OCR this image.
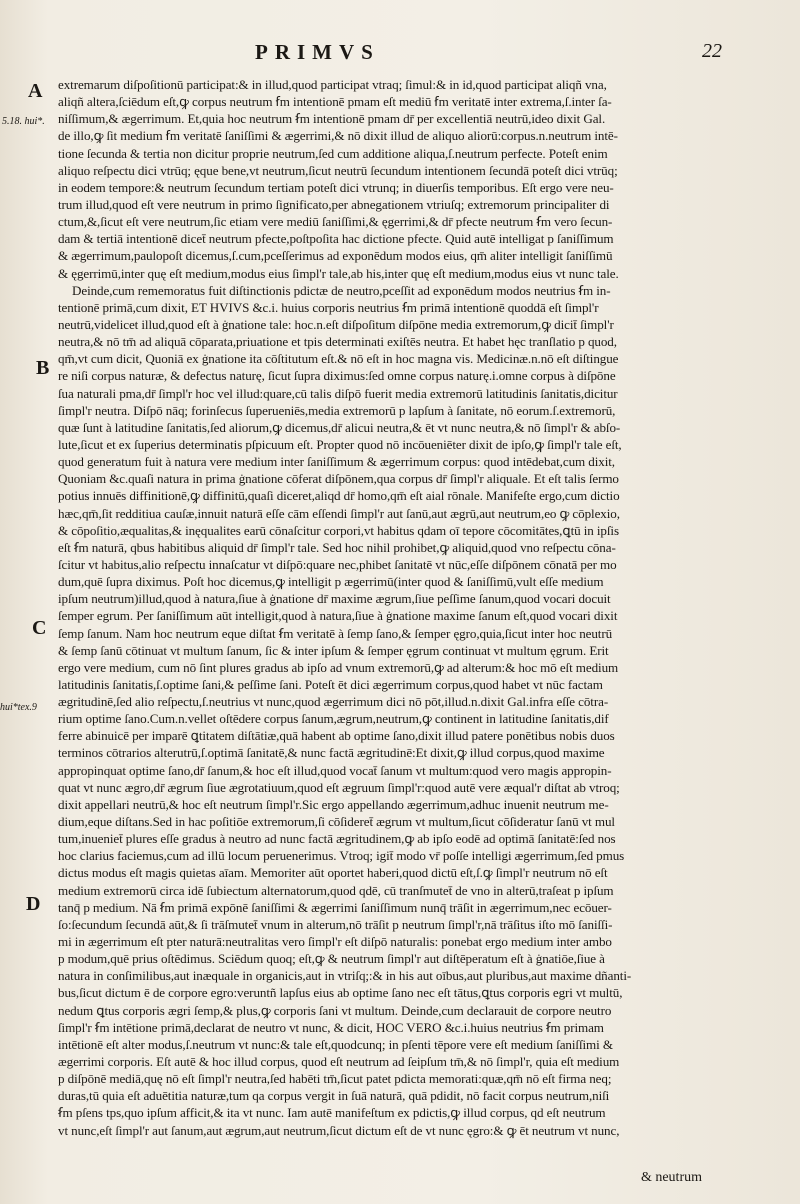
PRIMVS	22
A
5.18. hui*.
B
C
hui*tex.9
D
extremarum diſpoſitionū participat:& in illud,quod participat vtraq; ſimul:& in id,quod participat aliqñ vna,
aliqñ altera,ſciēdum eſt,ꝙ corpus neutrum ẜm intentionē pmam eſt mediū ẜm veritatē inter extrema,ſ.inter ſa-
niſſimum,& ægerrimum. Et,quia hoc neutrum ẜm intentionē pmam dr̄ per excellentiā neutrū,ideo dixit Gal.
de illo,ꝙ ſit medium ẜm veritatē ſaniſſimi & ægerrimi,& nō dixit illud de aliquo aliorū:corpus.n.neutrum intē-
tione ſecunda & tertia non dicitur proprie neutrum,ſed cum additione aliqua,ſ.neutrum perfecte. Poteſt enim
aliquo reſpectu dici vtrūq; ęque bene,vt neutrum,ſicut neutrū ſecundum intentionem ſecundā poteſt dici vtrūq;
in eodem tempore:& neutrum ſecundum tertiam poteſt dici vtrunq; in diuerſis temporibus. Eſt ergo vere neu-
trum illud,quod eſt vere neutrum in primo ſignificato,per abnegationem vtriuſq; extremorum principaliter di
ctum,&,ſicut eſt vere neutrum,ſic etiam vere mediū ſaniſſimi,& ęgerrimi,& dr̄ pfecte neutrum ẜm vero ſecun-
dam & tertiā intentionē dicet̄ neutrum pfecte,poſtpoſita hac dictione pfecte. Quid autē intelligat p ſaniſſimum
& ægerrimum,paulopoſt dicemus,ſ.cum,pceſſerimus ad exponēdum modos eius, qm̄ aliter intelligit ſaniſſimū
& ęgerrimū,inter quę eſt medium,modus eius ſimpl'r tale,ab his,inter quę eſt medium,modus eius vt nunc tale.
Deinde,cum rememoratus fuit diſtinctionis pdictæ de neutro,pceſſit ad exponēdum modos neutrius ẜm in-
tentionē primā,cum dixit, ET HVIVS &c.i. huius corporis neutrius ẜm primā intentionē quoddā eſt ſimpl'r
neutrū,videlicet illud,quod eſt à ġnatione tale: hoc.n.eſt diſpoſitum diſpōne media extremorum,ꝙ dicit̄ ſimpl'r
neutra,& nō tm̄ ad aliquā cōparata,priuatione et tpis determinati exiſtēs neutra. Et habet hęc tranſlatio p quod,
qm̄,vt cum dicit, Quoniā ex ġnatione ita cōſtitutum eſt.& nō eſt in hoc magna vis. Medicinæ.n.nō eſt diſtingue
re niſi corpus naturæ, & defectus naturę, ſicut ſupra diximus:ſed omne corpus naturę.i.omne corpus à diſpōne
ſua naturali pma,dr̄ ſimpl'r hoc vel illud:quare,cū talis diſpō fuerit media extremorū latitudinis ſanitatis,dicitur
ſimpl'r neutra. Diſpō nāq; forinſecus ſuperueniēs,media extremorū p lapſum à ſanitate, nō eorum.ſ.extremorū,
quæ ſunt à latitudine ſanitatis,ſed aliorum,ꝙ dicemus,dr̄ alicui neutra,& ēt vt nunc neutra,& nō ſimpl'r & abſo-
lute,ſicut et ex ſuperius determinatis pſpicuum eſt. Propter quod nō incōueniēter dixit de ipſo,ꝙ ſimpl'r tale eſt,
quod generatum fuit à natura vere medium inter ſaniſſimum & ægerrimum corpus: quod intēdebat,cum dixit,
Quoniam &c.quaſi natura in prima ġnatione cōferat diſpōnem,qua corpus dr̄ ſimpl'r aliquale. Et eſt talis ſermo
potius innuēs diffinitionē,ꝙ diffinitū,quaſi diceret,aliqd dr̄ homo,qm̄ eſt aial rōnale. Manifeſte ergo,cum dictio
hæc,qm̄,ſit redditiua cauſæ,innuit naturā eſſe cām eſſendi ſimpl'r aut ſanū,aut ægrū,aut neutrum,eo ꝙ cōplexio,
& cōpoſitio,æqualitas,& inęqualites earū cōnaſcitur corpori,vt habitus qdam oī tepore cōcomitātes,ꝗtū in ipſis
eſt ẜm naturā, qbus habitibus aliquid dr̄ ſimpl'r tale. Sed hoc nihil prohibet,ꝙ aliquid,quod vno reſpectu cōna-
ſcitur vt habitus,alio reſpectu innaſcatur vt diſpō:quare nec,phibet ſanitatē vt nūc,eſſe diſpōnem cōnatā per mo
dum,quē ſupra diximus. Poſt hoc dicemus,ꝙ intelligit p ægerrimū(inter quod & ſaniſſimū,vult eſſe medium
ipſum neutrum)illud,quod à natura,ſiue à ġnatione dr̄ maxime ægrum,ſiue peſſime ſanum,quod vocari docuit
ſemper egrum. Per ſaniſſimum aūt intelligit,quod à natura,ſiue à ġnatione maxime ſanum eſt,quod vocari dixit
ſemp ſanum. Nam hoc neutrum eque diſtat ẜm veritatē à ſemp ſano,& ſemper ęgro,quia,ſicut inter hoc neutrū
& ſemp ſanū cōtinuat vt multum ſanum, ſic & inter ipſum & ſemper ęgrum continuat vt multum ęgrum. Erit
ergo vere medium, cum nō ſint plures gradus ab ipſo ad vnum extremorū,ꝙ ad alterum:& hoc mō eſt medium
latitudinis ſanitatis,ſ.optime ſani,& peſſime ſani. Poteſt ēt dici ægerrimum corpus,quod habet vt nūc factam
ægritudinē,ſed alio reſpectu,ſ.neutrius vt nunc,quod ægerrimum dici nō pōt,illud.n.dixit Gal.infra eſſe cōtra-
rium optime ſano.Cum.n.vellet oſtēdere corpus ſanum,ægrum,neutrum,ꝙ continent in latitudine ſanitatis,dif
ferre abinuicē per imparē ꝗtitatem diſtātiæ,quā habent ab optime ſano,dixit illud patere ponētibus nobis duos
terminos cōtrarios alterutrū,ſ.optimā ſanitatē,& nunc factā ægritudinē:Et dixit,ꝙ illud corpus,quod maxime
appropinquat optime ſano,dr̄ ſanum,& hoc eſt illud,quod vocat̄ ſanum vt multum:quod vero magis appropin-
quat vt nunc ægro,dr̄ ægrum ſiue ægrotatiuum,quod eſt ægruum ſimpl'r:quod autē vere æqual'r diſtat ab vtroq;
dixit appellari neutrū,& hoc eſt neutrum ſimpl'r.Sic ergo appellando ægerrimum,adhuc inuenit neutrum me-
dium,eque diſtans.Sed in hac poſitiōe extremorum,ſi cōſideret̄ ægrum vt multum,ſicut cōſideratur ſanū vt mul
tum,inueniet̄ plures eſſe gradus à neutro ad nunc factā ægritudinem,ꝙ ab ipſo eodē ad optimā ſanitatē:ſed nos
hoc clarius faciemus,cum ad illū locum peruenerimus. Vtroq; igit̄ modo vr̄ poſſe intelligi ægerrimum,ſed pmus
dictus modus eſt magis quietas aīam. Memoriter aūt oportet haberi,quod dictū eſt,ſ.ꝙ ſimpl'r neutrum nō eſt
medium extremorū circa idē ſubiectum alternatorum,quod qdē, cū tranſmutet̄ de vno in alterū,traſeat p ipſum
tanq̄ p medium. Nā ẜm primā expōnē ſaniſſimi & ægerrimi ſaniſſimum nunq̄ trāſit in ægerrimum,nec ecōuer-
ſo:ſecundum ſecundā aūt,& ſi trāſmutet̄ vnum in alterum,nō trāſit p neutrum ſimpl'r,nā trāſitus iſto mō ſaniſſi-
mi in ægerrimum eſt pter naturā:neutralitas vero ſimpl'r eſt diſpō naturalis: ponebat ergo medium inter ambo
p modum,quē prius oſtēdimus. Sciēdum quoq; eſt,ꝙ & neutrum ſimpl'r aut diſtēperatum eſt à ġnatiōe,ſiue à
natura in conſimilibus,aut inæquale in organicis,aut in vtriſq;:& in his aut oībus,aut pluribus,aut maxime dñanti-
bus,ſicut dictum ē de corpore egro:veruntñ lapſus eius ab optime ſano nec eſt tātus,ꝗtus corporis egri vt multū,
nedum ꝗtus corporis ægri ſemp,& plus,ꝙ corporis ſani vt multum. Deinde,cum declarauit de corpore neutro
ſimpl'r ẜm intētione primā,declarat de neutro vt nunc, & dicit, HOC VERO &c.i.huius neutrius ẜm primam
intētionē eſt alter modus,ſ.neutrum vt nunc:& tale eſt,quodcunq; in pſenti tēpore vere eſt medium ſaniſſimi &
ægerrimi corporis. Eſt autē & hoc illud corpus, quod eſt neutrum ad ſeipſum tm̄,& nō ſimpl'r, quia eſt medium
p diſpōnē mediā,quę nō eſt ſimpl'r neutra,ſed habēti tm̄,ſicut patet pdicta memorati:quæ,qm̄ nō eſt firma neq;
duras,tū quia eſt aduētitia naturæ,tum qa corpus vergit in ſuā naturā, quā pdidit, nō facit corpus neutrum,niſi
ẜm pſens tps,quo ipſum afficit,& ita vt nunc. Iam autē manifeſtum ex pdictis,ꝙ illud corpus, qd eſt neutrum
vt nunc,eſt ſimpl'r aut ſanum,aut ægrum,aut neutrum,ſicut dictum eſt de vt nunc ęgro:& ꝙ ēt neutrum vt nunc,
& neutrum
